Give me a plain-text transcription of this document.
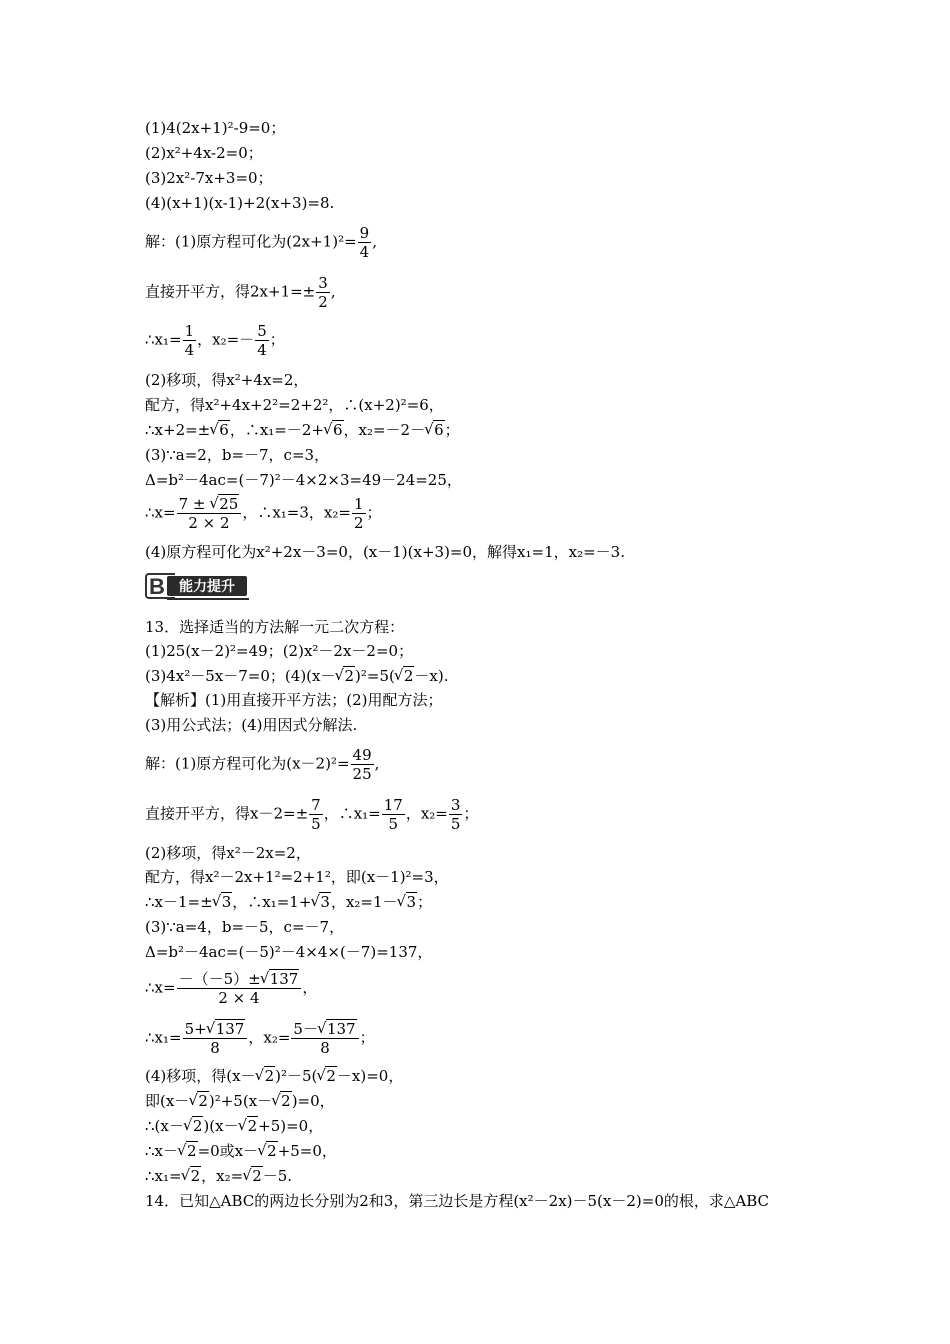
(1)4(2x+1)²-9=0；
(2)x²+4x-2=0；
(3)2x²-7x+3=0；
(4)(x+1)(x-1)+2(x+3)=8.
解：(1)原方程可化为$(2x+1)^2= \frac{9}{4}$ ,
直接开平方，得$2x+1=\pm \frac{3}{2}$ ,
∴x₁= $\frac{1}{4}$ ，$x_2=- \frac{5}{4}$ ；
(2)移项，得x²+4x=2，
配方，得x²+4x+2²=2+2²，∴(x+2)²=6，
∴x+2=± √ 6，∴x₁=－2+ √ 6，x₂=－2－ √ 6；
(3)∵a=2，b=－7，c=3，
Δ=b²－4ac=(－7)²－4×2×3=49－24=25，
∴x= $\frac{7 \pm √ 25}{2 \times 2}$ ，∴x₁=3，$x_2= \frac{1}{2}$ ；
(4)原方程可化为x²+2x－3=0，(x－1)(x+3)=0，解得x₁=1，x₂=－3.
B	能力提升
13．选择适当的方法解一元二次方程：
(1)25(x－2)²=49；(2)x²－2x－2=0；
(3)4x²－5x－7=0；(4)(x－ √ 2)²=5( √ 2－x).
【解析】(1)用直接开平方法；(2)用配方法；
(3)用公式法；(4)用因式分解法.
解：(1)原方程可化为$(x-2)^2= \frac{49}{25}$ ,
直接开平方，得$x-2=\pm \frac{7}{5}$ ，∴x₁= $\frac{17}{5}$ ，$x_2= \frac{3}{5}$ ；
(2)移项，得x²－2x=2，
配方，得x²－2x+1²=2+1²，即(x－1)²=3，
∴x－1=± √ 3，∴x₁=1+ √ 3，x₂=1－ √ 3；
(3)∵a=4，b=－5，c=－7，
Δ=b²－4ac=(－5)²－4×4×(－7)=137，
∴x= $\frac{-(-5)\pm √ 137}{2 \times 4}$ ，
∴x₁= $\frac{5+ √ 137}{8}$ ，$x_2= \frac{5- √ 137}{8}$ ；
(4)移项，得(x－ √ 2)²－5( √ 2－x)=0，
即(x－ √ 2)²+5(x－ √ 2)=0，
∴(x－ √ 2)(x－ √ 2+5)=0，
∴x－ √ 2=0或x－ √ 2+5=0，
∴x₁= √ 2，x₂= √ 2－5.
14．已知△ABC的两边长分别为2和3，第三边长是方程(x²－2x)－5(x－2)=0的根，求△ABC
